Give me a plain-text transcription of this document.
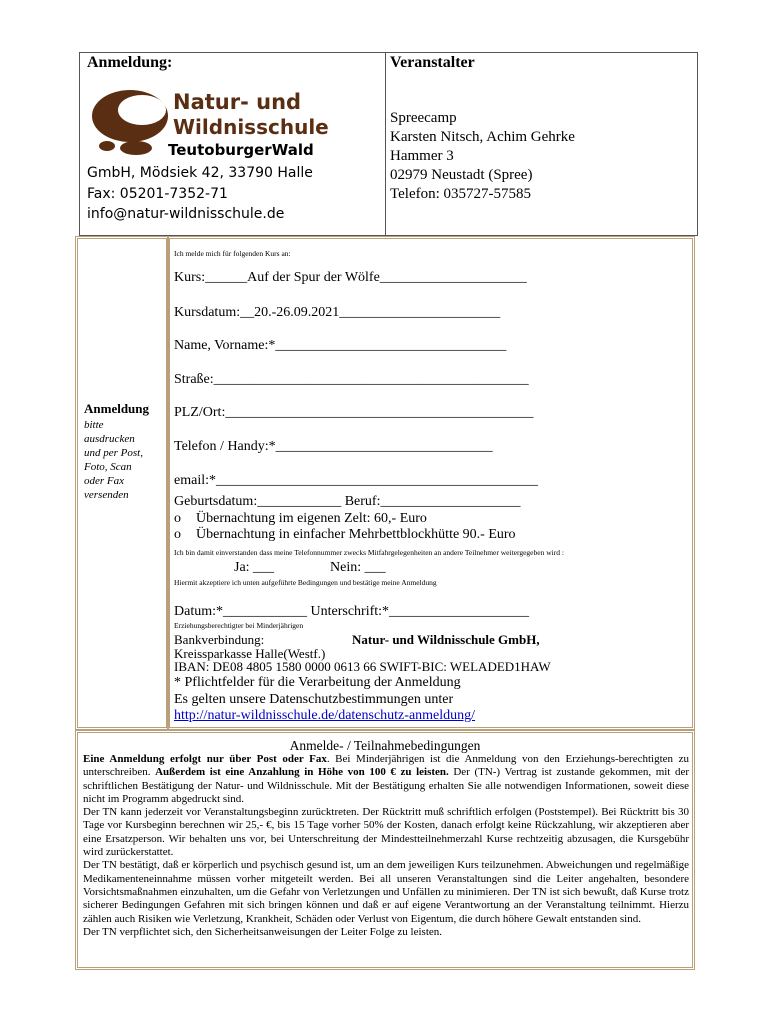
Anmeldung:
Natur- und
Wildnisschule
TeutoburgerWald
GmbH, Mödsiek 42, 33790 Halle
Fax: 05201-7352-71
info@natur-wildnisschule.de
Veranstalter
Spreecamp
Karsten Nitsch, Achim Gehrke
Hammer 3
02979 Neustadt (Spree)
Telefon: 035727-57585
Anmeldung
bitte
ausdrucken
und per Post,
Foto, Scan
oder Fax
versenden
Ich melde mich für folgenden Kurs an:
Kurs:______Auf der Spur der Wölfe_____________________
Kursdatum:__20.-26.09.2021_______________________
Name, Vorname:*_________________________________
Straße:_____________________________________________
PLZ/Ort:____________________________________________
Telefon / Handy:*_______________________________
email:*______________________________________________
Geburtsdatum:____________ Beruf:____________________
o Übernachtung im eigenen Zelt: 60,- Euro
o Übernachtung in einfacher Mehrbettblockhütte 90.- Euro
Ich bin damit einverstanden dass meine Telefonnummer zwecks Mitfahrgelegenheiten an andere Teilnehmer weitergegeben wird :
Ja: ___	Nein: ___
Hiermit akzeptiere ich unten aufgeführte Bedingungen und bestätige meine Anmeldung
Datum:*____________ Unterschrift:*____________________
Erziehungsberechtigter bei Minderjährigen
Bankverbindung:	Natur- und Wildnisschule GmbH,
Kreissparkasse Halle(Westf.)
IBAN: DE08 4805 1580 0000 0613 66 SWIFT-BIC: WELADED1HAW
* Pflichtfelder für die Verarbeitung der Anmeldung
Es gelten unsere Datenschutzbestimmungen unter
http://natur-wildnisschule.de/datenschutz-anmeldung/
Anmelde- / Teilnahmebedingungen
Eine Anmeldung erfolgt nur über Post oder Fax. Bei Minderjährigen ist die Anmeldung von den Erziehungs-berechtigten zu unterschreiben. Außerdem ist eine Anzahlung in Höhe von 100 € zu leisten. Der (TN-) Vertrag ist zustande gekommen, mit der schriftlichen Bestätigung der Natur- und Wildnisschule. Mit der Bestätigung erhalten Sie alle notwendigen Informationen, soweit diese nicht im Programm abgedruckt sind.
Der TN kann jederzeit vor Veranstaltungsbeginn zurücktreten. Der Rücktritt muß schriftlich erfolgen (Poststempel). Bei Rücktritt bis 30 Tage vor Kursbeginn berechnen wir 25,- €, bis 15 Tage vorher 50% der Kosten, danach erfolgt keine Rückzahlung, wir akzeptieren aber eine Ersatzperson. Wir behalten uns vor, bei Unterschreitung der Mindestteilnehmerzahl Kurse rechtzeitig abzusagen, die Kursgebühr wird zurückerstattet.
Der TN bestätigt, daß er körperlich und psychisch gesund ist, um an dem jeweiligen Kurs teilzunehmen. Abweichungen und regelmäßige Medikamenteneinnahme müssen vorher mitgeteilt werden. Bei all unseren Veranstaltungen sind die Leiter angehalten, besondere Vorsichtsmaßnahmen einzuhalten, um die Gefahr von Verletzungen und Unfällen zu minimieren. Der TN ist sich bewußt, daß Kurse trotz sicherer Bedingungen Gefahren mit sich bringen können und daß er auf eigene Verantwortung an der Veranstaltung teilnimmt. Hierzu zählen auch Risiken wie Verletzung, Krankheit, Schäden oder Verlust von Eigentum, die durch höhere Gewalt entstanden sind.
Der TN verpflichtet sich, den Sicherheitsanweisungen der Leiter Folge zu leisten.
